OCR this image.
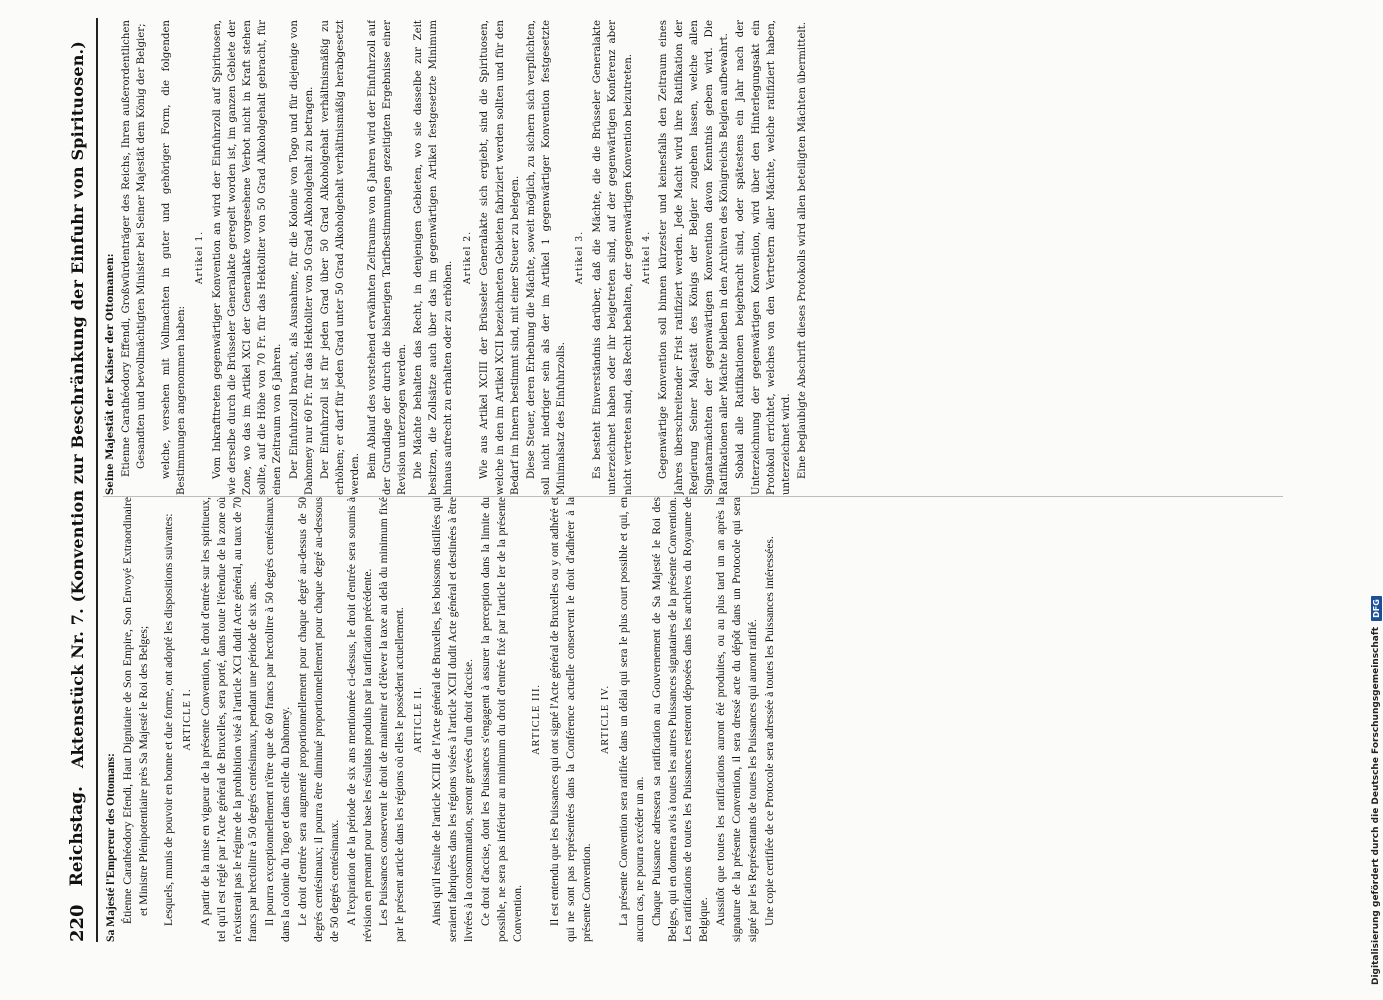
220
Reichstag.
Aktenstück Nr. 7. (Konvention zur Beschränkung der Einfuhr von Spirituosen.)

Sa Majesté l'Empereur des Ottomans: Étienne Carathéodory Efendi, Haut Dignitaire de Son Empire, Son Envoyé Extraordinaire et Ministre Plénipotentiaire près Sa Majesté le Roi des Belges; Lesquels, munis de pouvoir en bonne et due forme, ont adopté les dispositions suivantes: ARTICLE I. A partir de la mise en vigueur de la présente Convention, le droit d'entrée sur les spiritueux, tel qu'il est réglé par l'Acte général de Bruxelles, sera porté, dans toute l'étendue de la zone où n'existerait pas le régime de la prohibition visé à l'article XCI dudit Acte général, au taux de 70 francs par hectolitre à 50 degrés centésimaux, pendant une période de six ans. Il pourra exceptionnellement n'être que de 60 francs par hectolitre à 50 degrés centésimaux dans la colonie du Togo et dans celle du Dahomey. Le droit d'entrée sera augmenté proportionnellement pour chaque degré au-dessus de 50 degrés centésimaux; il pourra être diminué proportionnellement pour chaque degré au-dessous de 50 degrés centésimaux. A l'expiration de la période de six ans mentionnée ci-dessus, le droit d'entrée sera soumis à révision en prenant pour base les résultats produits par la tarification précédente. Les Puissances conservent le droit de maintenir et d'élever la taxe au delà du minimum fixé par le présent article dans les régions où elles le possèdent actuellement. ARTICLE II. Ainsi qu'il résulte de l'article XCIII de l'Acte général de Bruxelles, les boissons distillées qui seraient fabriquées dans les régions visées à l'article XCII dudit Acte général et destinées à être livrées à la consommation, seront grevées d'un droit d'accise. Ce droit d'accise, dont les Puissances s'engagent à assurer la perception dans la limite du possible, ne sera pas inférieur au minimum du droit d'entrée fixé par l'article Ier de la présente Convention.

ARTICLE III. Il est entendu que les Puissances qui ont signé l'Acte général de Bruxelles ou y ont adhéré et qui ne sont pas représentées dans la Conférence actuelle conservent le droit d'adhérer à la présente Convention.

ARTICLE IV. La présente Convention sera ratifiée dans un délai qui sera le plus court possible et qui, en aucun cas, ne pourra excéder un an. Chaque Puissance adressera sa ratification au Gouvernement de Sa Majesté le Roi des Belges, qui en donnera avis à toutes les autres Puissances signataires de la présente Convention. Les ratifications de toutes les Puissances resteront déposées dans les archives du Royaume de Belgique. Aussitôt que toutes les ratifications auront été produites, ou au plus tard un an après la signature de la présente Convention, il sera dressé acte du dépôt dans un Protocole qui sera signé par les Représentants de toutes les Puissances qui auront ratifié. Une copie certifiée de ce Protocole sera adressée à toutes les Puissances intéressées.

Seine Majestät der Kaiser der Ottomanen: Etienne Carathéodory Effendi, Großwürdenträger des Reichs, Ihren außerordentlichen Gesandten und bevollmächtigten Minister bei Seiner Majestät dem König der Belgier; welche, versehen mit Vollmachten in guter und gehöriger Form, die folgenden Bestimmungen angenommen haben:

Artikel 1. Vom Inkrafttreten gegenwärtiger Konvention an wird der Einfuhrzoll auf Spirituosen, wie derselbe durch die Brüsseler Generalakte geregelt worden ist, im ganzen Gebiete der Zone, wo das im Artikel XCI der Generalakte vorgesehene Verbot nicht in Kraft stehen sollte, auf die Höhe von 70 Fr. für das Hektoliter von 50 Grad Alkoholgehalt gebracht, für einen Zeitraum von 6 Jahren. Der Einfuhrzoll braucht, als Ausnahme, für die Kolonie von Togo und für diejenige von Dahomey nur 60 Fr. für das Hektoliter von 50 Grad Alkoholgehalt zu betragen. Der Einfuhrzoll ist für jeden Grad über 50 Grad Alkoholgehalt verhältnismäßig zu erhöhen; er darf für jeden Grad unter 50 Grad Alkoholgehalt verhältnismäßig herabgesetzt werden. Beim Ablauf des vorstehend erwähnten Zeitraums von 6 Jahren wird der Einfuhrzoll auf der Grundlage der durch die bisherigen Tarifbestimmungen gezeitigten Ergebnisse einer Revision unterzogen werden. Die Mächte behalten das Recht, in denjenigen Gebieten, wo sie dasselbe zur Zeit besitzen, die Zollsätze auch über das im gegenwärtigen Artikel festgesetzte Minimum hinaus aufrecht zu erhalten oder zu erhöhen.

Artikel 2. Wie aus Artikel XCIII der Brüsseler Generalakte sich ergiebt, sind die Spirituosen, welche in den im Artikel XCII bezeichneten Gebieten fabriziert werden sollten und für den Bedarf im Innern bestimmt sind, mit einer Steuer zu belegen. Diese Steuer, deren Erhebung die Mächte, soweit möglich, zu sichern sich verpflichten, soll nicht niedriger sein als der im Artikel 1 gegenwärtiger Konvention festgesetzte Minimalsatz des Einfuhrzolls.

Artikel 3. Es besteht Einverständnis darüber, daß die Mächte, die die Brüsseler Generalakte unterzeichnet haben oder ihr beigetreten sind, auf der gegenwärtigen Konferenz aber nicht vertreten sind, das Recht behalten, der gegenwärtigen Konvention beizutreten. Artikel 4. Gegenwärtige Konvention soll binnen kürzester und keinesfalls den Zeitraum eines Jahres überschreitender Frist ratifiziert werden. Jede Macht wird ihre Ratifikation der Regierung Seiner Majestät des Königs der Belgier zugehen lassen, welche allen Signatarmächten der gegenwärtigen Konvention davon Kenntnis geben wird. Die Ratifikationen aller Mächte bleiben in den Archiven des Königreichs Belgien aufbewahrt. Sobald alle Ratifikationen beigebracht sind, oder spätestens ein Jahr nach der Unterzeichnung der gegenwärtigen Konvention, wird über den Hinterlegungsakt ein Protokoll errichtet, welches von den Vertretern aller Mächte, welche ratifiziert haben, unterzeichnet wird. Eine beglaubigte Abschrift dieses Protokolls wird allen beteiligten Mächten übermittelt.

Digitalisierung gefördert durch die Deutsche Forschungsgemeinschaft
DFG
